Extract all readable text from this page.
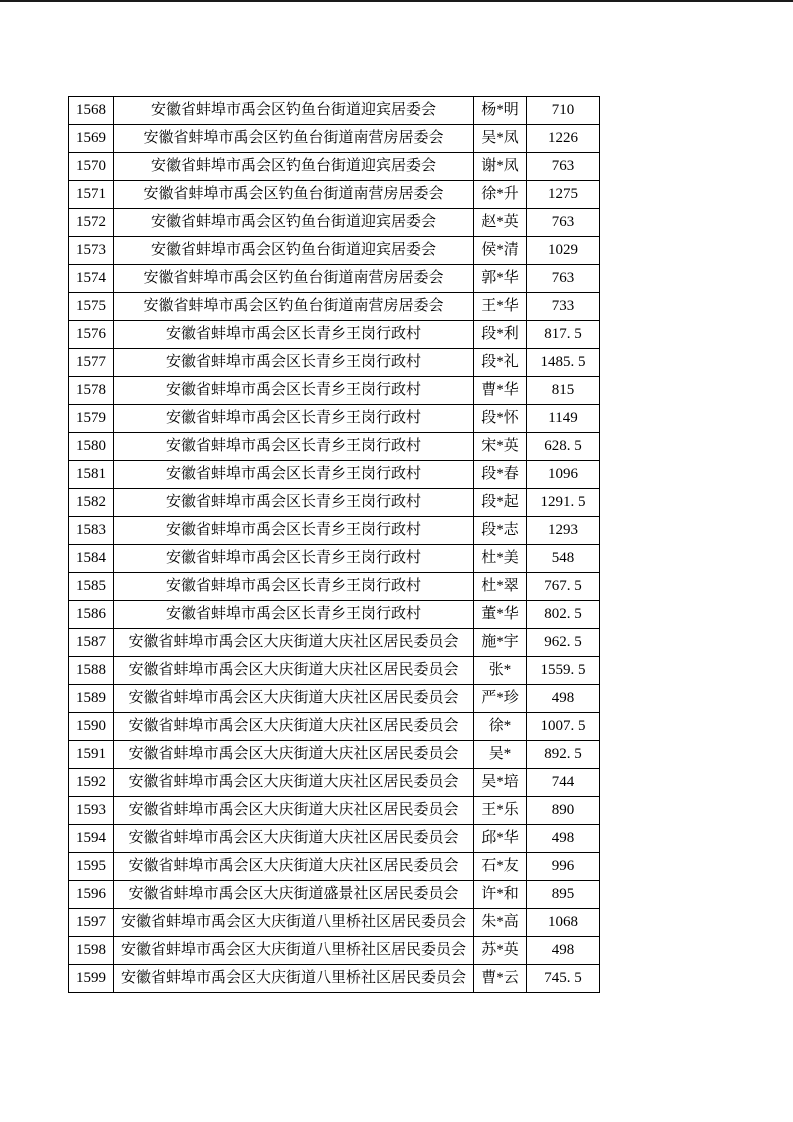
1568	安徽省蚌埠市禹会区钓鱼台街道迎宾居委会	杨*明	710
1569	安徽省蚌埠市禹会区钓鱼台街道南营房居委会	吴*凤	1226
1570	安徽省蚌埠市禹会区钓鱼台街道迎宾居委会	谢*凤	763
1571	安徽省蚌埠市禹会区钓鱼台街道南营房居委会	徐*升	1275
1572	安徽省蚌埠市禹会区钓鱼台街道迎宾居委会	赵*英	763
1573	安徽省蚌埠市禹会区钓鱼台街道迎宾居委会	侯*清	1029
1574	安徽省蚌埠市禹会区钓鱼台街道南营房居委会	郭*华	763
1575	安徽省蚌埠市禹会区钓鱼台街道南营房居委会	王*华	733
1576	安徽省蚌埠市禹会区长青乡王岗行政村	段*利	817. 5
1577	安徽省蚌埠市禹会区长青乡王岗行政村	段*礼	1485. 5
1578	安徽省蚌埠市禹会区长青乡王岗行政村	曹*华	815
1579	安徽省蚌埠市禹会区长青乡王岗行政村	段*怀	1149
1580	安徽省蚌埠市禹会区长青乡王岗行政村	宋*英	628. 5
1581	安徽省蚌埠市禹会区长青乡王岗行政村	段*春	1096
1582	安徽省蚌埠市禹会区长青乡王岗行政村	段*起	1291. 5
1583	安徽省蚌埠市禹会区长青乡王岗行政村	段*志	1293
1584	安徽省蚌埠市禹会区长青乡王岗行政村	杜*美	548
1585	安徽省蚌埠市禹会区长青乡王岗行政村	杜*翠	767. 5
1586	安徽省蚌埠市禹会区长青乡王岗行政村	董*华	802. 5
1587	安徽省蚌埠市禹会区大庆街道大庆社区居民委员会	施*宇	962. 5
1588	安徽省蚌埠市禹会区大庆街道大庆社区居民委员会	张*	1559. 5
1589	安徽省蚌埠市禹会区大庆街道大庆社区居民委员会	严*珍	498
1590	安徽省蚌埠市禹会区大庆街道大庆社区居民委员会	徐*	1007. 5
1591	安徽省蚌埠市禹会区大庆街道大庆社区居民委员会	吴*	892. 5
1592	安徽省蚌埠市禹会区大庆街道大庆社区居民委员会	吴*培	744
1593	安徽省蚌埠市禹会区大庆街道大庆社区居民委员会	王*乐	890
1594	安徽省蚌埠市禹会区大庆街道大庆社区居民委员会	邱*华	498
1595	安徽省蚌埠市禹会区大庆街道大庆社区居民委员会	石*友	996
1596	安徽省蚌埠市禹会区大庆街道盛景社区居民委员会	许*和	895
1597	安徽省蚌埠市禹会区大庆街道八里桥社区居民委员会	朱*高	1068
1598	安徽省蚌埠市禹会区大庆街道八里桥社区居民委员会	苏*英	498
1599	安徽省蚌埠市禹会区大庆街道八里桥社区居民委员会	曹*云	745. 5
